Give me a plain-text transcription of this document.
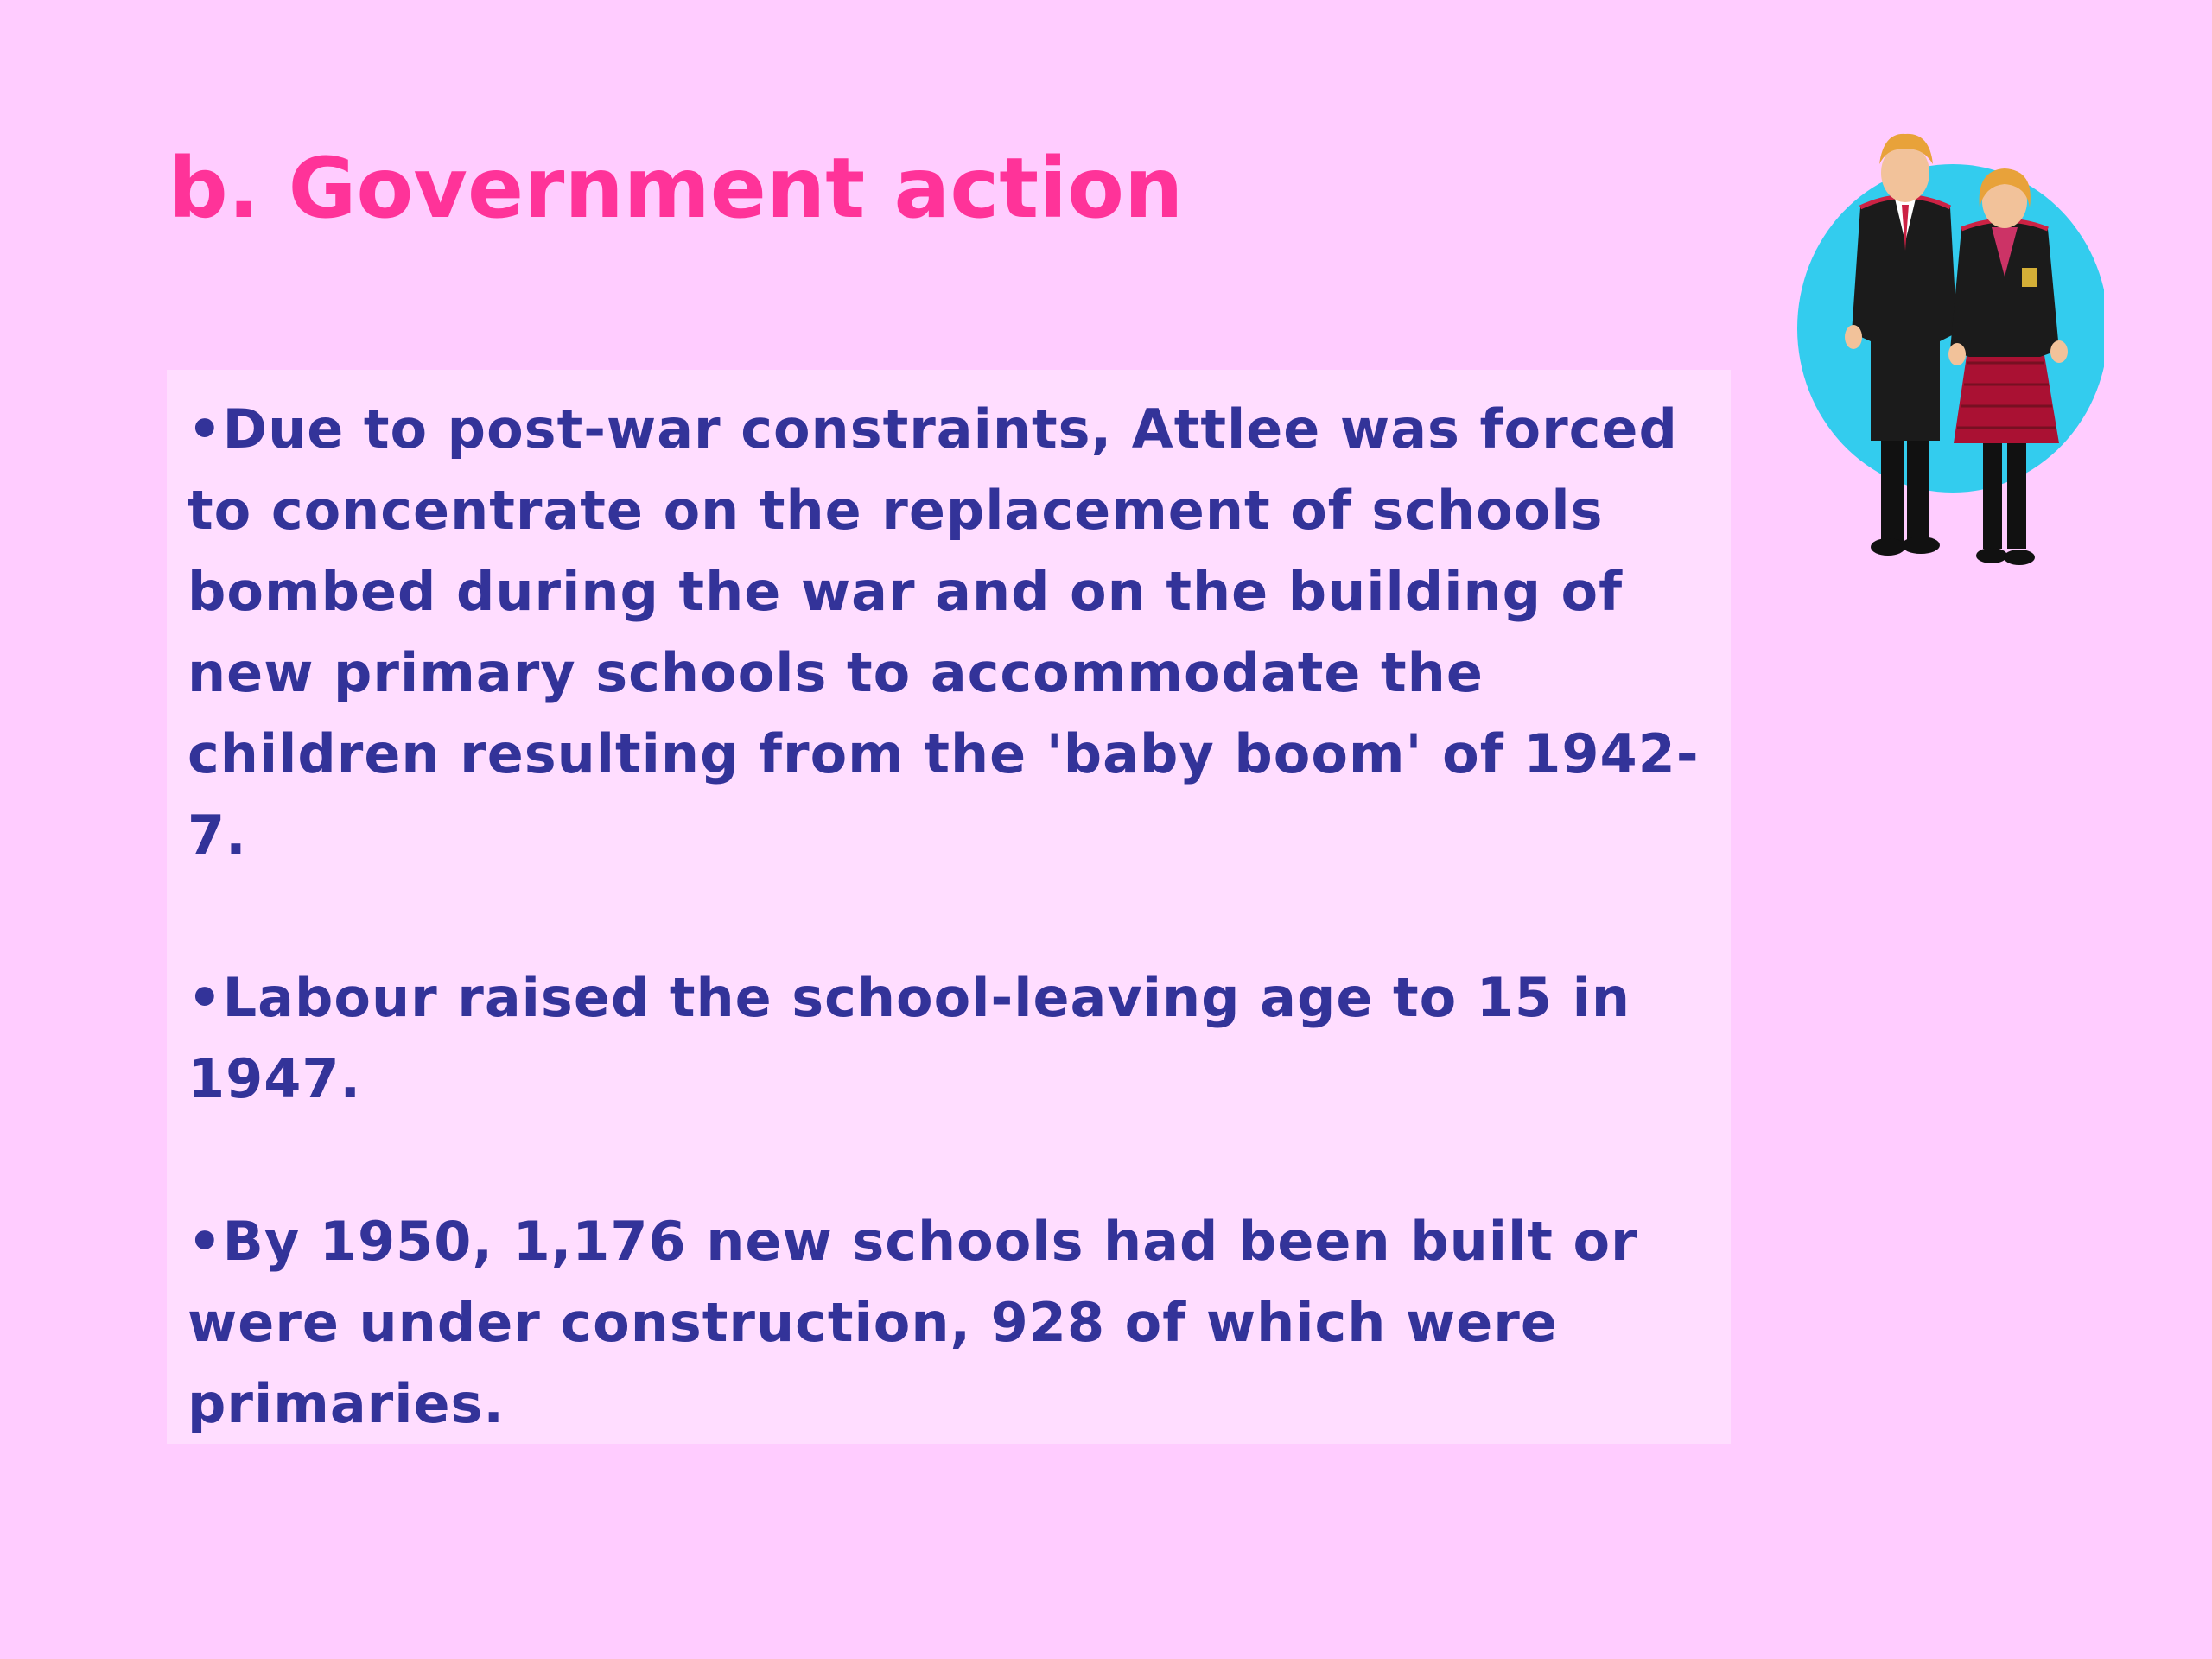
b. Government action

•Due to post-war constraints, Attlee was forced to concentrate on the replacement of schools bombed during the war and on the building of new primary schools to accommodate the children resulting from the 'baby boom' of 1942-7.

•Labour raised the school-leaving age to 15 in 1947.

•By 1950, 1,176 new schools had been built or were under construction, 928 of which were primaries.
